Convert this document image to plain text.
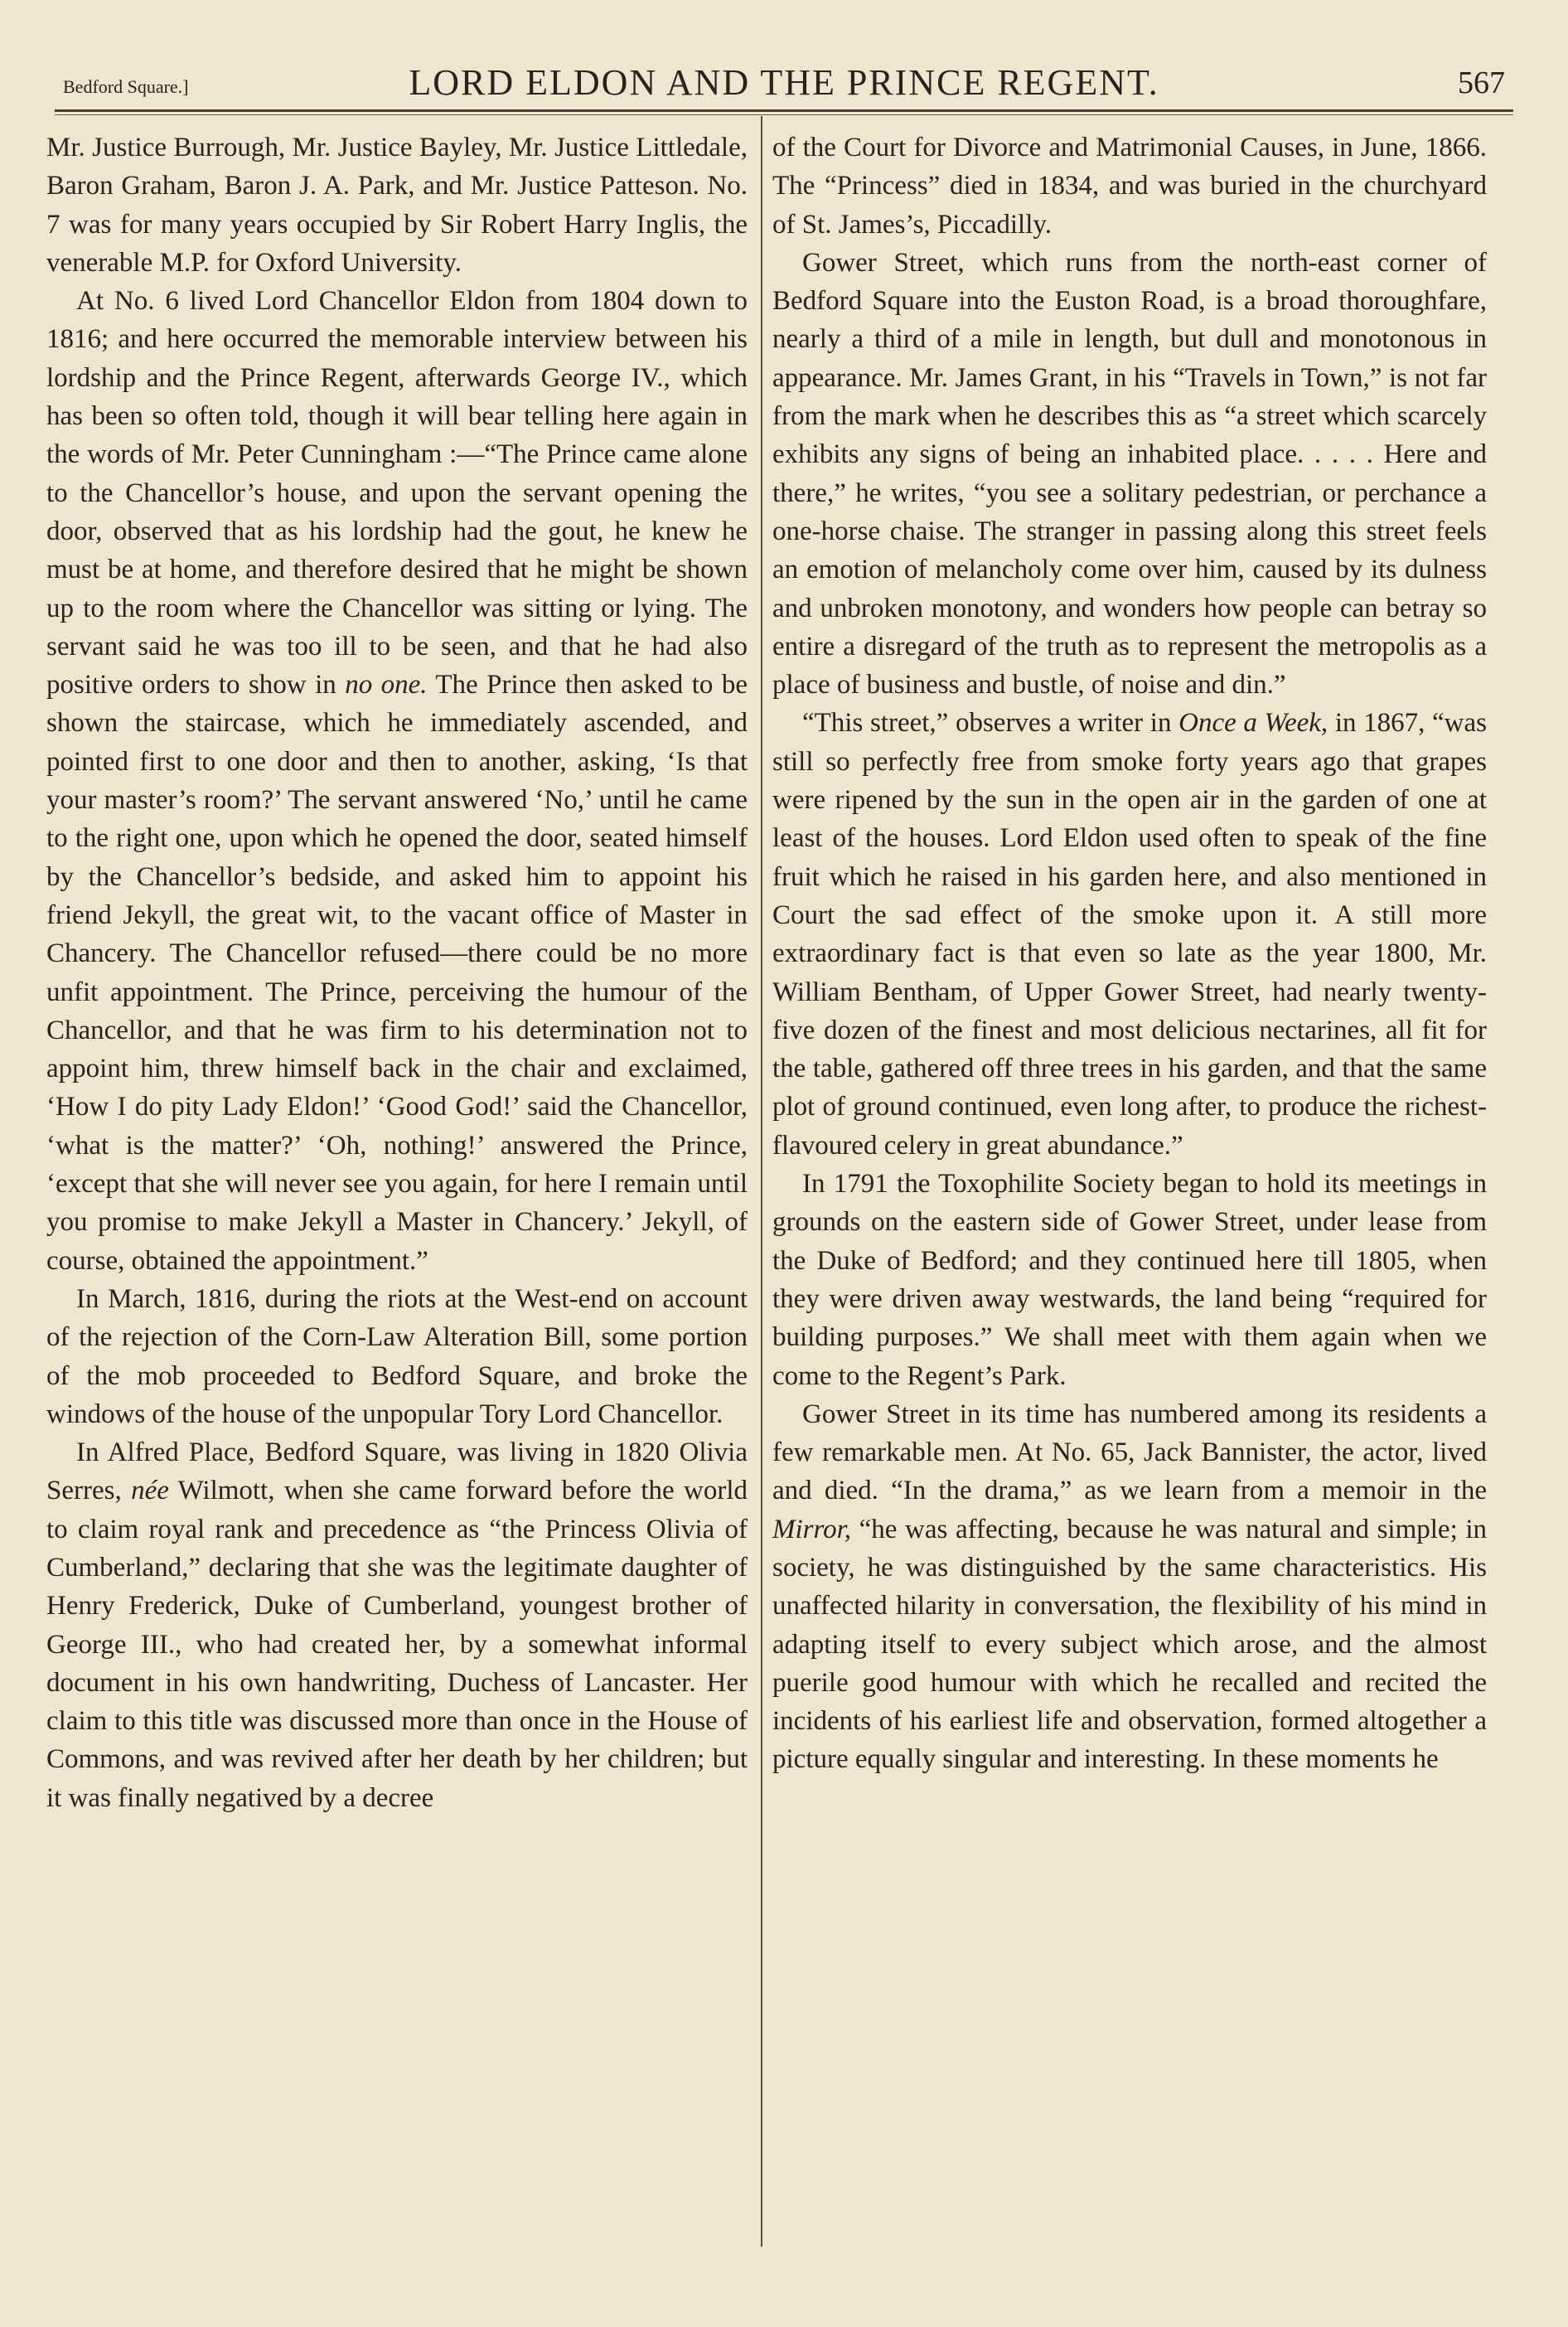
Bedford Square.]	LORD ELDON AND THE PRINCE REGENT.	567

Mr. Justice Burrough, Mr. Justice Bayley, Mr. Justice Littledale, Baron Graham, Baron J. A. Park, and Mr. Justice Patteson. No. 7 was for many years occupied by Sir Robert Harry Inglis, the venerable M.P. for Oxford University.

At No. 6 lived Lord Chancellor Eldon from 1804 down to 1816; and here occurred the memorable interview between his lordship and the Prince Regent, afterwards George IV., which has been so often told, though it will bear telling here again in the words of Mr. Peter Cunningham :—“The Prince came alone to the Chancellor’s house, and upon the servant opening the door, observed that as his lordship had the gout, he knew he must be at home, and therefore desired that he might be shown up to the room where the Chancellor was sitting or lying. The servant said he was too ill to be seen, and that he had also positive orders to show in no one. The Prince then asked to be shown the staircase, which he immediately ascended, and pointed first to one door and then to another, asking, ‘Is that your master’s room?’ The servant answered ‘No,’ until he came to the right one, upon which he opened the door, seated himself by the Chancellor’s bedside, and asked him to appoint his friend Jekyll, the great wit, to the vacant office of Master in Chancery. The Chancellor refused—there could be no more unfit appointment. The Prince, perceiving the humour of the Chancellor, and that he was firm to his determination not to appoint him, threw himself back in the chair and exclaimed, ‘How I do pity Lady Eldon!’ ‘Good God!’ said the Chancellor, ‘what is the matter?’ ‘Oh, nothing!’ answered the Prince, ‘except that she will never see you again, for here I remain until you promise to make Jekyll a Master in Chancery.’ Jekyll, of course, obtained the appointment.”

In March, 1816, during the riots at the West-end on account of the rejection of the Corn-Law Alteration Bill, some portion of the mob proceeded to Bedford Square, and broke the windows of the house of the unpopular Tory Lord Chancellor.

In Alfred Place, Bedford Square, was living in 1820 Olivia Serres, née Wilmott, when she came forward before the world to claim royal rank and precedence as “the Princess Olivia of Cumberland,” declaring that she was the legitimate daughter of Henry Frederick, Duke of Cumberland, youngest brother of George III., who had created her, by a somewhat informal document in his own handwriting, Duchess of Lancaster. Her claim to this title was discussed more than once in the House of Commons, and was revived after her death by her children; but it was finally negatived by a decree

of the Court for Divorce and Matrimonial Causes, in June, 1866. The “Princess” died in 1834, and was buried in the churchyard of St. James’s, Piccadilly.

Gower Street, which runs from the north-east corner of Bedford Square into the Euston Road, is a broad thoroughfare, nearly a third of a mile in length, but dull and monotonous in appearance. Mr. James Grant, in his “Travels in Town,” is not far from the mark when he describes this as “a street which scarcely exhibits any signs of being an inhabited place. . . . . Here and there,” he writes, “you see a solitary pedestrian, or perchance a one-horse chaise. The stranger in passing along this street feels an emotion of melancholy come over him, caused by its dulness and unbroken monotony, and wonders how people can betray so entire a disregard of the truth as to represent the metropolis as a place of business and bustle, of noise and din.”

“This street,” observes a writer in Once a Week, in 1867, “was still so perfectly free from smoke forty years ago that grapes were ripened by the sun in the open air in the garden of one at least of the houses. Lord Eldon used often to speak of the fine fruit which he raised in his garden here, and also mentioned in Court the sad effect of the smoke upon it. A still more extraordinary fact is that even so late as the year 1800, Mr. William Bentham, of Upper Gower Street, had nearly twenty-five dozen of the finest and most delicious nectarines, all fit for the table, gathered off three trees in his garden, and that the same plot of ground continued, even long after, to produce the richest-flavoured celery in great abundance.”

In 1791 the Toxophilite Society began to hold its meetings in grounds on the eastern side of Gower Street, under lease from the Duke of Bedford; and they continued here till 1805, when they were driven away westwards, the land being “required for building purposes.” We shall meet with them again when we come to the Regent’s Park.

Gower Street in its time has numbered among its residents a few remarkable men. At No. 65, Jack Bannister, the actor, lived and died. “In the drama,” as we learn from a memoir in the Mirror, “he was affecting, because he was natural and simple; in society, he was distinguished by the same characteristics. His unaffected hilarity in conversation, the flexibility of his mind in adapting itself to every subject which arose, and the almost puerile good humour with which he recalled and recited the incidents of his earliest life and observation, formed altogether a picture equally singular and interesting. In these moments he
